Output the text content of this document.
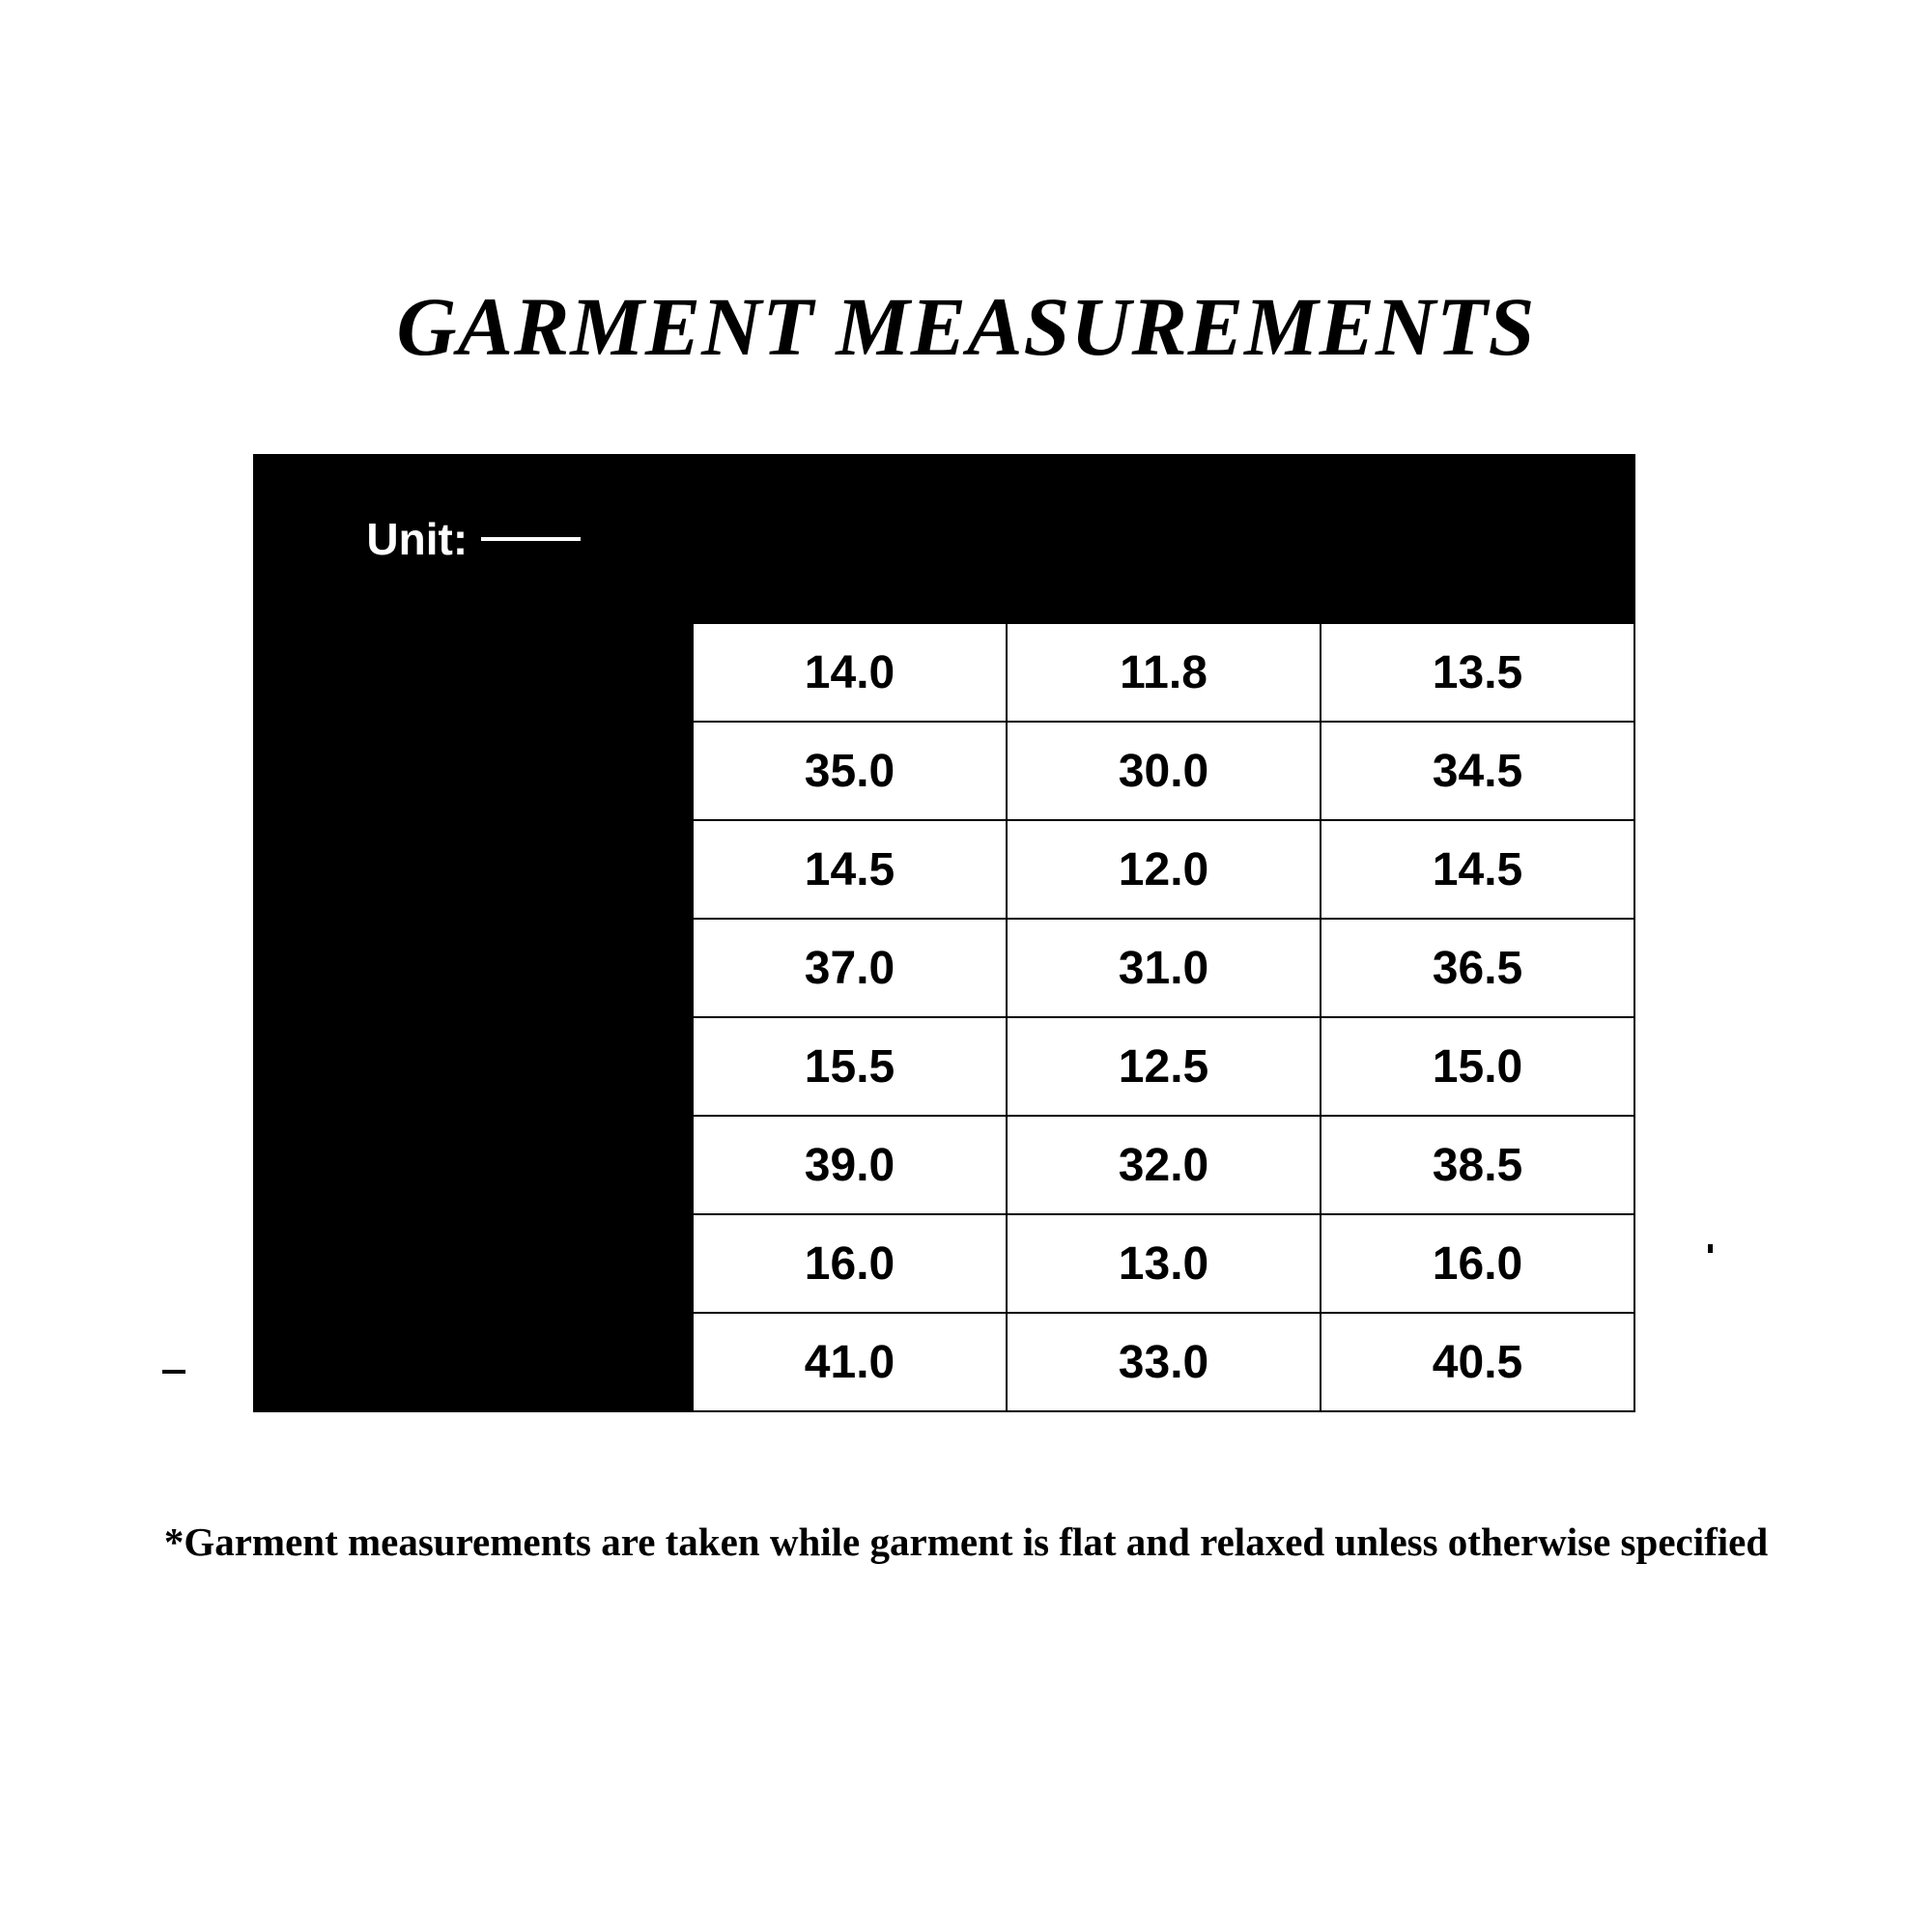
GARMENT MEASUREMENTS
Unit: $\frac{\text{Inch}}{CM}$		Bust	Hem	Length
S	Inch	14.0	11.8	13.5
	CM	35.0	30.0	34.5
M	Inch	14.5	12.0	14.5
	CM	37.0	31.0	36.5
L	Inch	15.5	12.5	15.0
	CM	39.0	32.0	38.5
XL	Inch	16.0	13.0	16.0
	CM	41.0	33.0	40.5
*Garment measurements are taken while garment is flat and relaxed unless otherwise specified
